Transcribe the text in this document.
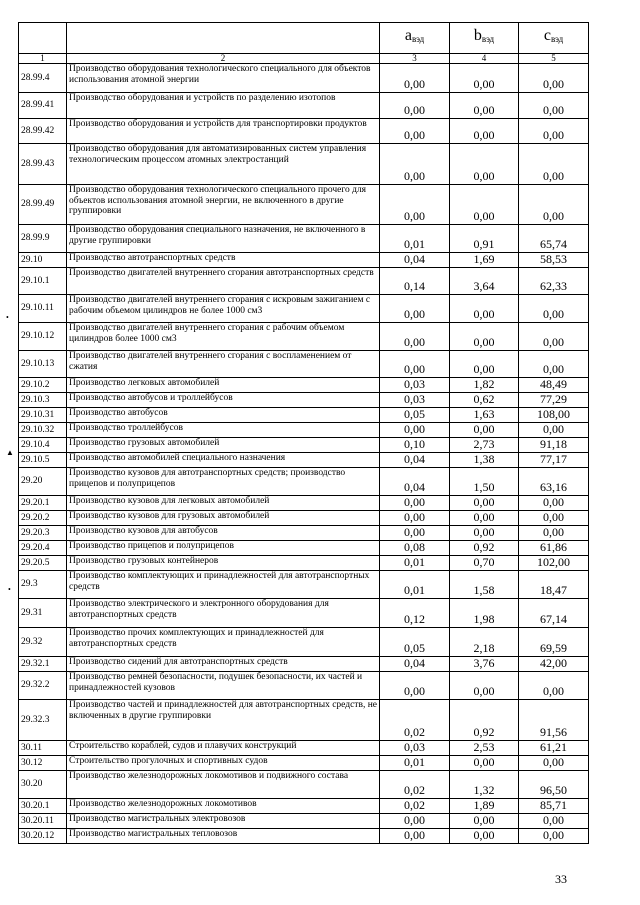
		$a_{вэд}$	$b_{вэд}$	$c_{вэд}$
1	2	3	4	5
28.99.4	Производство оборудования технологического специального для объектов использования атомной энергии	0,00	0,00	0,00
28.99.41	Производство оборудования и устройств по разделению изотопов	0,00	0,00	0,00
28.99.42	Производство оборудования и устройств для транспортировки продуктов	0,00	0,00	0,00
28.99.43	Производство оборудования для автоматизированных систем управления технологическим процессом атомных электростанций	0,00	0,00	0,00
28.99.49	Производство оборудования технологического специального прочего для объектов использования атомной энергии, не включенного в другие группировки	0,00	0,00	0,00
28.99.9	Производство оборудования специального назначения, не включенного в другие группировки	0,01	0,91	65,74
29.10	Производство автотранспортных средств	0,04	1,69	58,53
29.10.1	Производство двигателей внутреннего сгорания автотранспортных средств	0,14	3,64	62,33
29.10.11	Производство двигателей внутреннего сгорания с искровым зажиганием с рабочим объемом цилиндров не более 1000 см3	0,00	0,00	0,00
29.10.12	Производство двигателей внутреннего сгорания с рабочим объемом цилиндров более 1000 см3	0,00	0,00	0,00
29.10.13	Производство двигателей внутреннего сгорания с воспламенением от сжатия	0,00	0,00	0,00
29.10.2	Производство легковых автомобилей	0,03	1,82	48,49
29.10.3	Производство автобусов и троллейбусов	0,03	0,62	77,29
29.10.31	Производство автобусов	0,05	1,63	108,00
29.10.32	Производство троллейбусов	0,00	0,00	0,00
29.10.4	Производство грузовых автомобилей	0,10	2,73	91,18
29.10.5	Производство автомобилей специального назначения	0,04	1,38	77,17
29.20	Производство кузовов для автотранспортных средств; производство прицепов и полуприцепов	0,04	1,50	63,16
29.20.1	Производство кузовов для легковых автомобилей	0,00	0,00	0,00
29.20.2	Производство кузовов для грузовых автомобилей	0,00	0,00	0,00
29.20.3	Производство кузовов для автобусов	0,00	0,00	0,00
29.20.4	Производство прицепов и полуприцепов	0,08	0,92	61,86
29.20.5	Производство грузовых контейнеров	0,01	0,70	102,00
29.3	Производство комплектующих и принадлежностей для автотранспортных средств	0,01	1,58	18,47
29.31	Производство электрического и электронного оборудования для автотранспортных средств	0,12	1,98	67,14
29.32	Производство прочих комплектующих и принадлежностей для автотранспортных средств	0,05	2,18	69,59
29.32.1	Производство сидений для автотранспортных средств	0,04	3,76	42,00
29.32.2	Производство ремней безопасности, подушек безопасности, их частей и принадлежностей кузовов	0,00	0,00	0,00
29.32.3	Производство частей и принадлежностей для автотранспортных средств, не включенных в другие группировки	0,02	0,92	91,56
30.11	Строительство кораблей, судов и плавучих конструкций	0,03	2,53	61,21
30.12	Строительство прогулочных и спортивных судов	0,01	0,00	0,00
30.20	Производство железнодорожных локомотивов и подвижного состава	0,02	1,32	96,50
30.20.1	Производство железнодорожных локомотивов	0,02	1,89	85,71
30.20.11	Производство магистральных электровозов	0,00	0,00	0,00
30.20.12	Производство магистральных тепловозов	0,00	0,00	0,00
•
▲
•
33
